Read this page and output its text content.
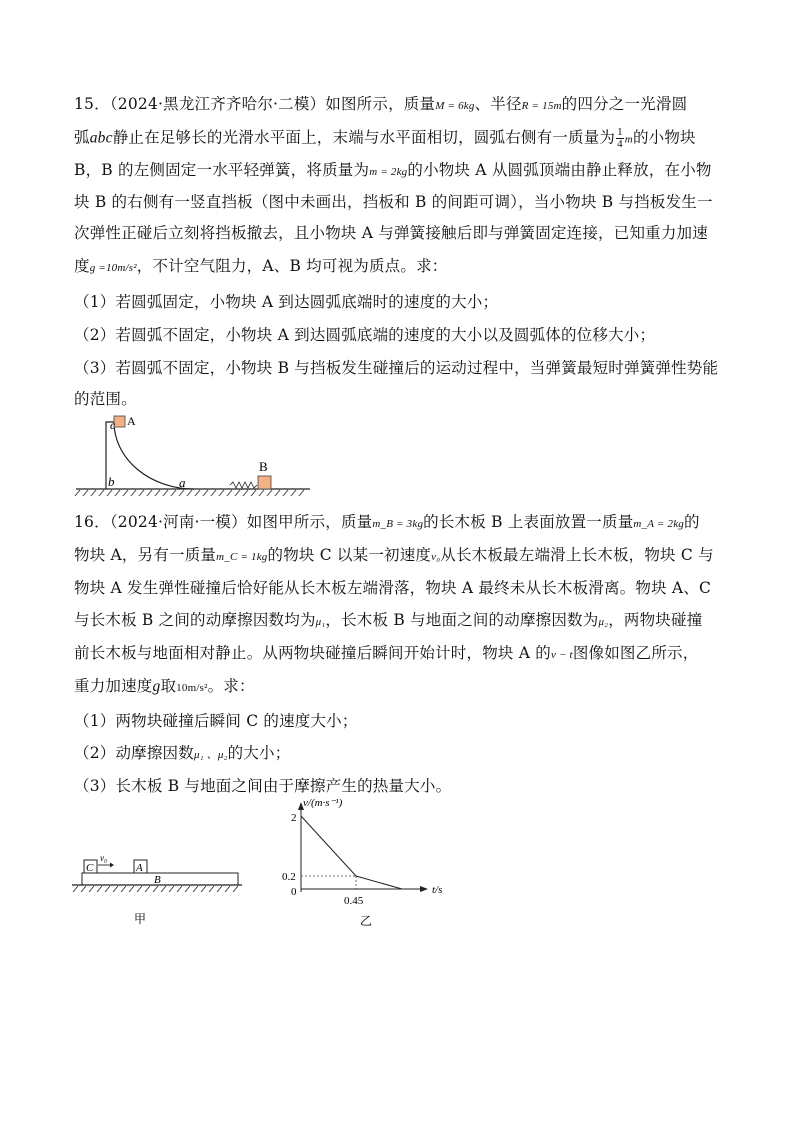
15．（2024·黑龙江齐齐哈尔·二模）如图所示，质量M = 6kg、半径R = 15m的四分之一光滑圆
弧abc静止在足够长的光滑水平面上，末端与水平面相切，圆弧右侧有一质量为 $\frac{1}{4}$ m的小物块
B，B 的左侧固定一水平轻弹簧，将质量为m = 2kg的小物块 A 从圆弧顶端由静止释放，在小物
块 B 的右侧有一竖直挡板（图中未画出，挡板和 B 的间距可调），当小物块 B 与挡板发生一
次弹性正碰后立刻将挡板撤去，且小物块 A 与弹簧接触后即与弹簧固定连接，已知重力加速
度g =10m/s²，不计空气阻力，A、B 均可视为质点。求：
（1）若圆弧固定，小物块 A 到达圆弧底端时的速度的大小；
（2）若圆弧不固定，小物块 A 到达圆弧底端的速度的大小以及圆弧体的位移大小；
（3）若圆弧不固定，小物块 B 与挡板发生碰撞后的运动过程中，当弹簧最短时弹簧弹性势能
的范围。
c A
b	a
B
16．（2024·河南·一模）如图甲所示，质量m_B = 3kg的长木板 B 上表面放置一质量m_A = 2kg的
物块 A，另有一质量m_C = 1kg的物块 C 以某一初速度v₀从长木板最左端滑上长木板，物块 C 与
物块 A 发生弹性碰撞后恰好能从长木板左端滑落，物块 A 最终未从长木板滑离。物块 A、C
与长木板 B 之间的动摩擦因数均为μ₁，长木板 B 与地面之间的动摩擦因数为μ₂，两物块碰撞
前长木板与地面相对静止。从两物块碰撞后瞬间开始计时，物块 A 的v − t图像如图乙所示，
重力加速度g取10m/s²。求：
（1）两物块碰撞后瞬间 C 的速度大小；
（2）动摩擦因数μ₁ 、μ₂的大小；
（3）长木板 B 与地面之间由于摩擦产生的热量大小。
C
v₀
A
B
甲
v/(m·s⁻¹)
t/s
2
0.2
0
0.45
乙
